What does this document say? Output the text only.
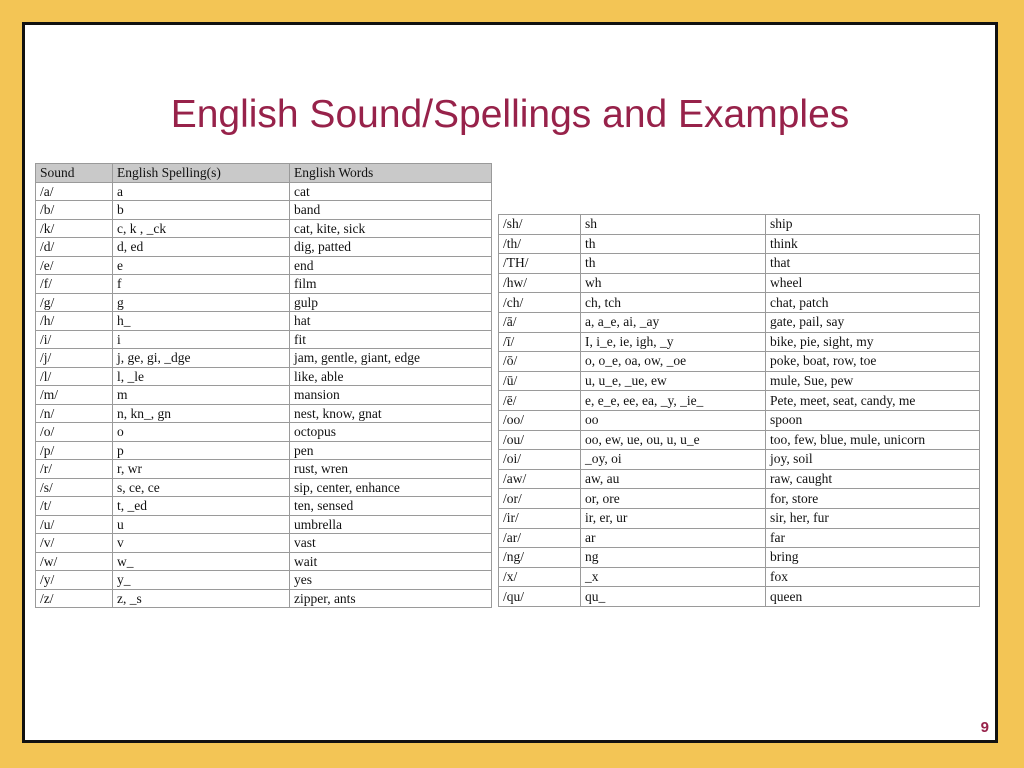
English Sound/Spellings and Examples
Sound	English Spelling(s)	English Words
/a/	a	cat
/b/	b	band
/k/	c, k , _ck	cat, kite, sick
/d/	d, ed	dig, patted
/e/	e	end
/f/	f	film
/g/	g	gulp
/h/	h_	hat
/i/	i	fit
/j/	j, ge, gi, _dge	jam, gentle, giant, edge
/l/	l, _le	like, able
/m/	m	mansion
/n/	n, kn_, gn	nest, know, gnat
/o/	o	octopus
/p/	p	pen
/r/	r, wr	rust, wren
/s/	s, ce, ce	sip, center, enhance
/t/	t, _ed	ten, sensed
/u/	u	umbrella
/v/	v	vast
/w/	w_	wait
/y/	y_	yes
/z/	z, _s	zipper, ants
/sh/	sh	ship
/th/	th	think
/TH/	th	that
/hw/	wh	wheel
/ch/	ch, tch	chat, patch
/ā/	a, a_e, ai, _ay	gate, pail, say
/ī/	I, i_e, ie, igh, _y	bike, pie, sight, my
/ō/	o, o_e, oa, ow, _oe	poke, boat, row, toe
/ū/	u, u_e, _ue, ew	mule, Sue, pew
/ē/	e, e_e, ee, ea, _y, _ie_	Pete, meet, seat, candy, me
/oo/	oo	spoon
/ou/	oo, ew, ue, ou, u, u_e	too, few, blue, mule, unicorn
/oi/	_oy, oi	joy, soil
/aw/	aw, au	raw, caught
/or/	or, ore	for, store
/ir/	ir, er, ur	sir, her, fur
/ar/	ar	far
/ng/	ng	bring
/x/	_x	fox
/qu/	qu_	queen
9
